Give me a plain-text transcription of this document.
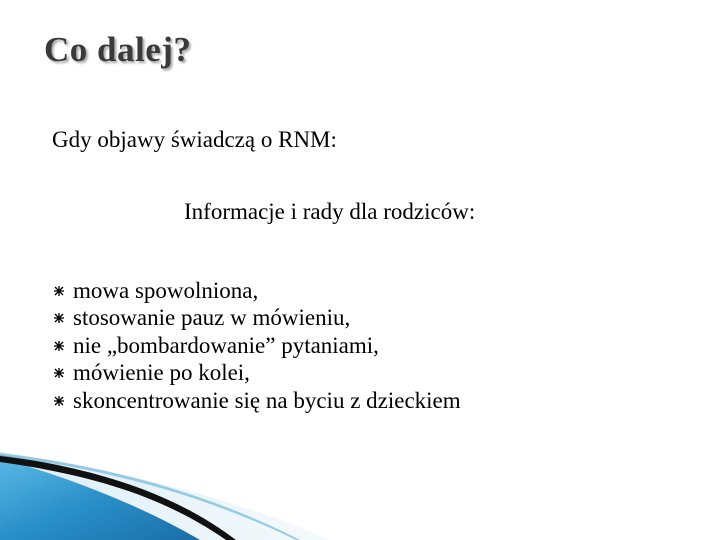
Co dalej?
Gdy objawy świadczą o RNM:
Informacje i rady dla rodziców:
mowa spowolniona,
stosowanie pauz w mówieniu,
nie „bombardowanie” pytaniami,
mówienie po kolei,
skoncentrowanie się na byciu z dzieckiem
